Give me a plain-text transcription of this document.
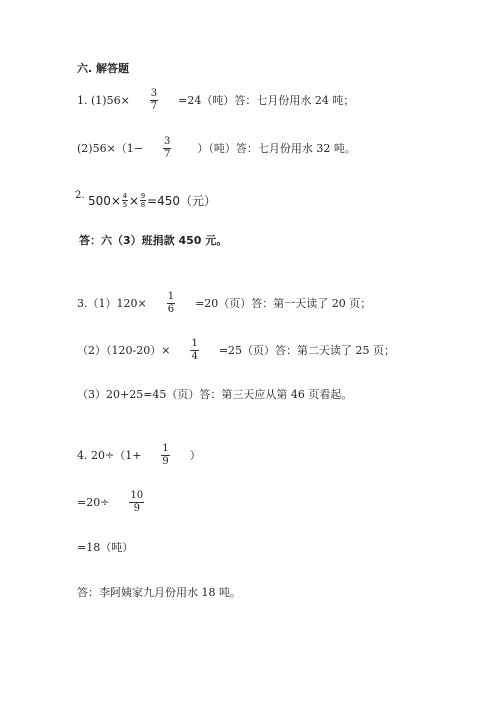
六. 解答题
1. $(1)56\times \frac{3}{7} =24$（吨）答：七月份用水 24 吨；
$(2)56\times(1- \frac{3}{7}$ ）（吨）答：七月份用水 32 吨。
2. $500\times \frac{4}{5} \times \frac{9}{8} =450$（元）
答：六（3）班捐款 450 元。
$3.(1)120\times \frac{1}{6} =20$（页）答：第一天读了 20 页；
$(2)(120-20)\times \frac{1}{4} =25$（页）答：第二天读了 25 页；
（3）20+25=45（页）答：第三天应从第 46 页看起。
4. $20\div(1+ \frac{1}{9}$ ）
$=20\div \frac{10}{9}$
=18（吨）
答：李阿姨家九月份用水 18 吨。
